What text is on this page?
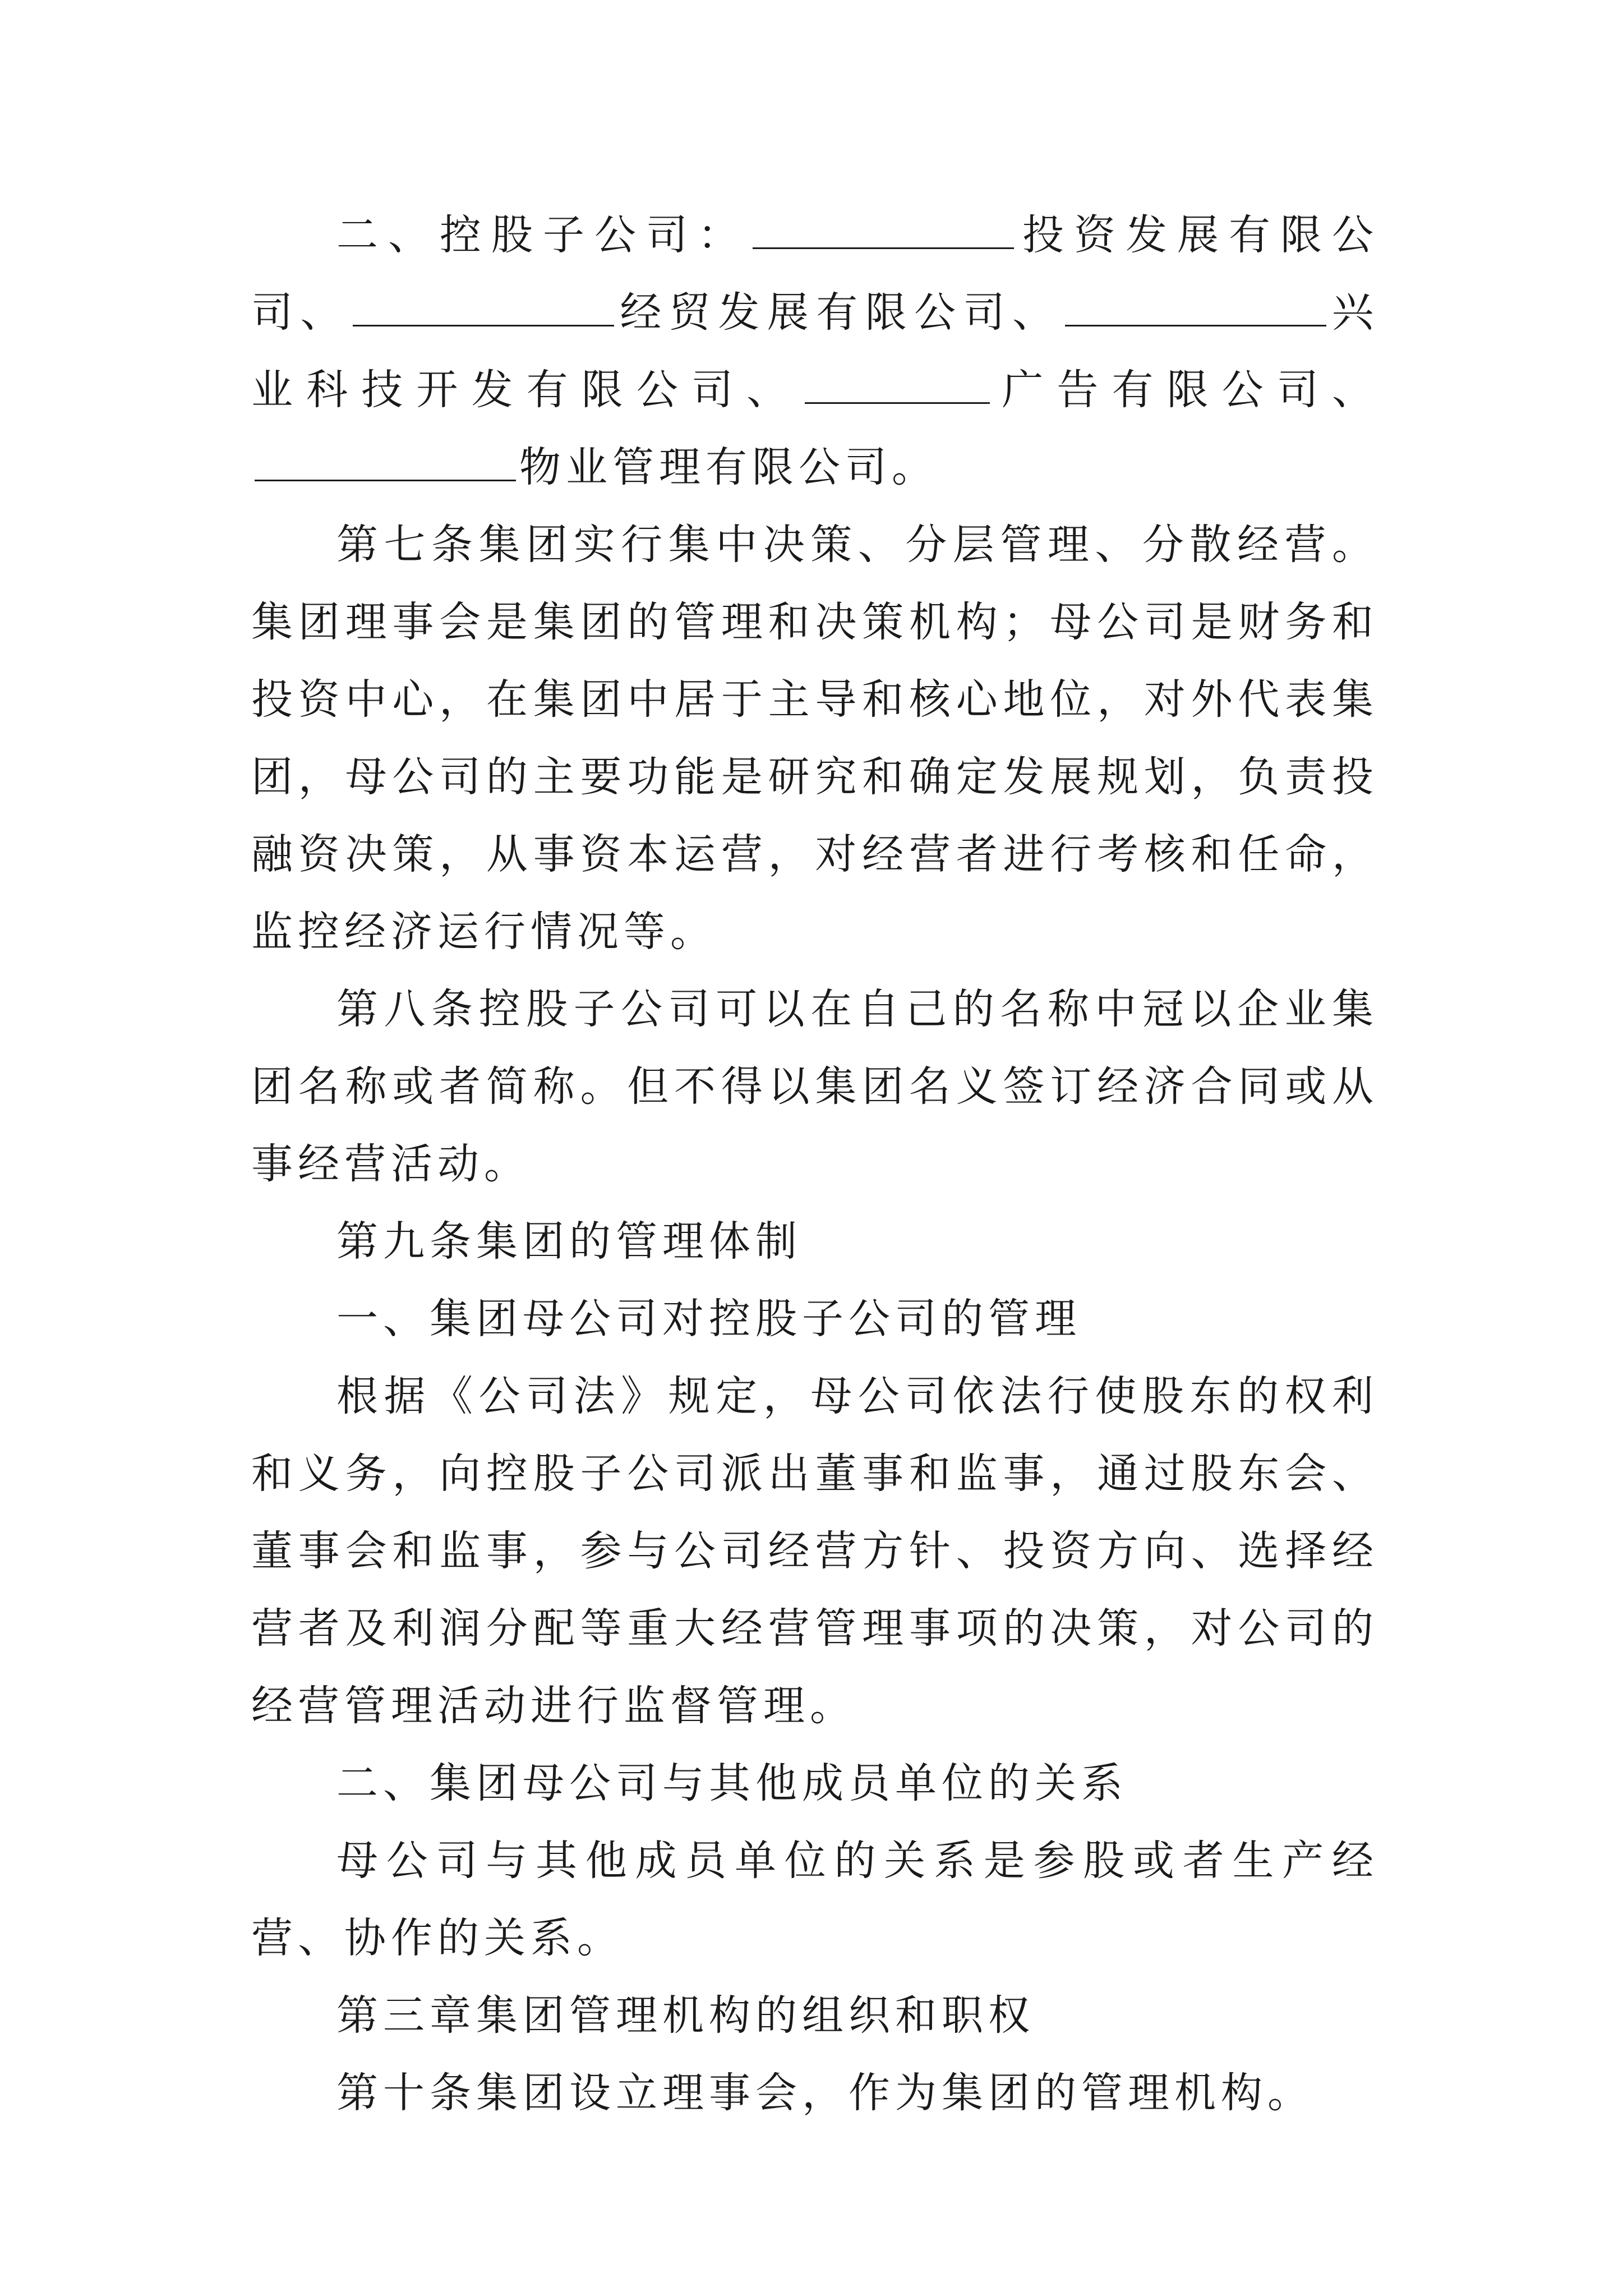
二、控股子公司：	投资发展有限公司、	经贸发展有限公司、	兴业科技开发有限公司、	广告有限公司、物业管理有限公司。

第七条集团实行集中决策、分层管理、分散经营。集团理事会是集团的管理和决策机构；母公司是财务和投资中心，在集团中居于主导和核心地位，对外代表集团，母公司的主要功能是研究和确定发展规划，负责投融资决策，从事资本运营，对经营者进行考核和任命，监控经济运行情况等。

第八条控股子公司可以在自己的名称中冠以企业集团名称或者简称。但不得以集团名义签订经济合同或从事经营活动。

第九条集团的管理体制

一、集团母公司对控股子公司的管理

根据《公司法》规定，母公司依法行使股东的权利和义务，向控股子公司派出董事和监事，通过股东会、董事会和监事，参与公司经营方针、投资方向、选择经营者及利润分配等重大经营管理事项的决策，对公司的经营管理活动进行监督管理。

二、集团母公司与其他成员单位的关系

母公司与其他成员单位的关系是参股或者生产经营、协作的关系。

第三章集团管理机构的组织和职权

第十条集团设立理事会，作为集团的管理机构。
